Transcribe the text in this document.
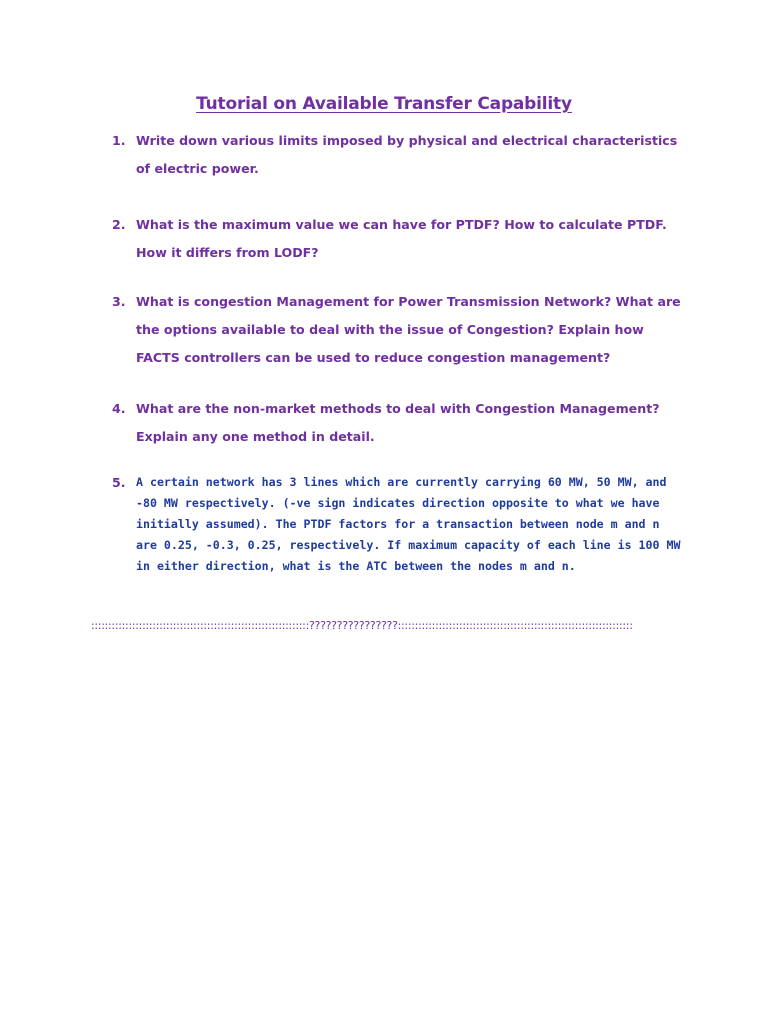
Tutorial on Available Transfer Capability
1. Write down various limits imposed by physical and electrical characteristics of electric power.
2. What is the maximum value we can have for PTDF? How to calculate PTDF. How it differs from LODF?
3. What is congestion Management for Power Transmission Network? What are the options available to deal with the issue of Congestion? Explain how FACTS controllers can be used to reduce congestion management?
4. What are the non-market methods to deal with Congestion Management? Explain any one method in detail.
5. A certain network has 3 lines which are currently carrying 60 MW, 50 MW, and -80 MW respectively. (-ve sign indicates direction opposite to what we have initially assumed). The PTDF factors for a transaction between node m and n are 0.25, -0.3, 0.25, respectively. If maximum capacity of each line is 100 MW in either direction, what is the ATC between the nodes m and n.
::::::::::::::::::::::::::::::::::::::::::::::::::::::::::::::::????????????????:::::::::::::::::::::::::::::::::::::::::::::::::::::::::::::::::::::
